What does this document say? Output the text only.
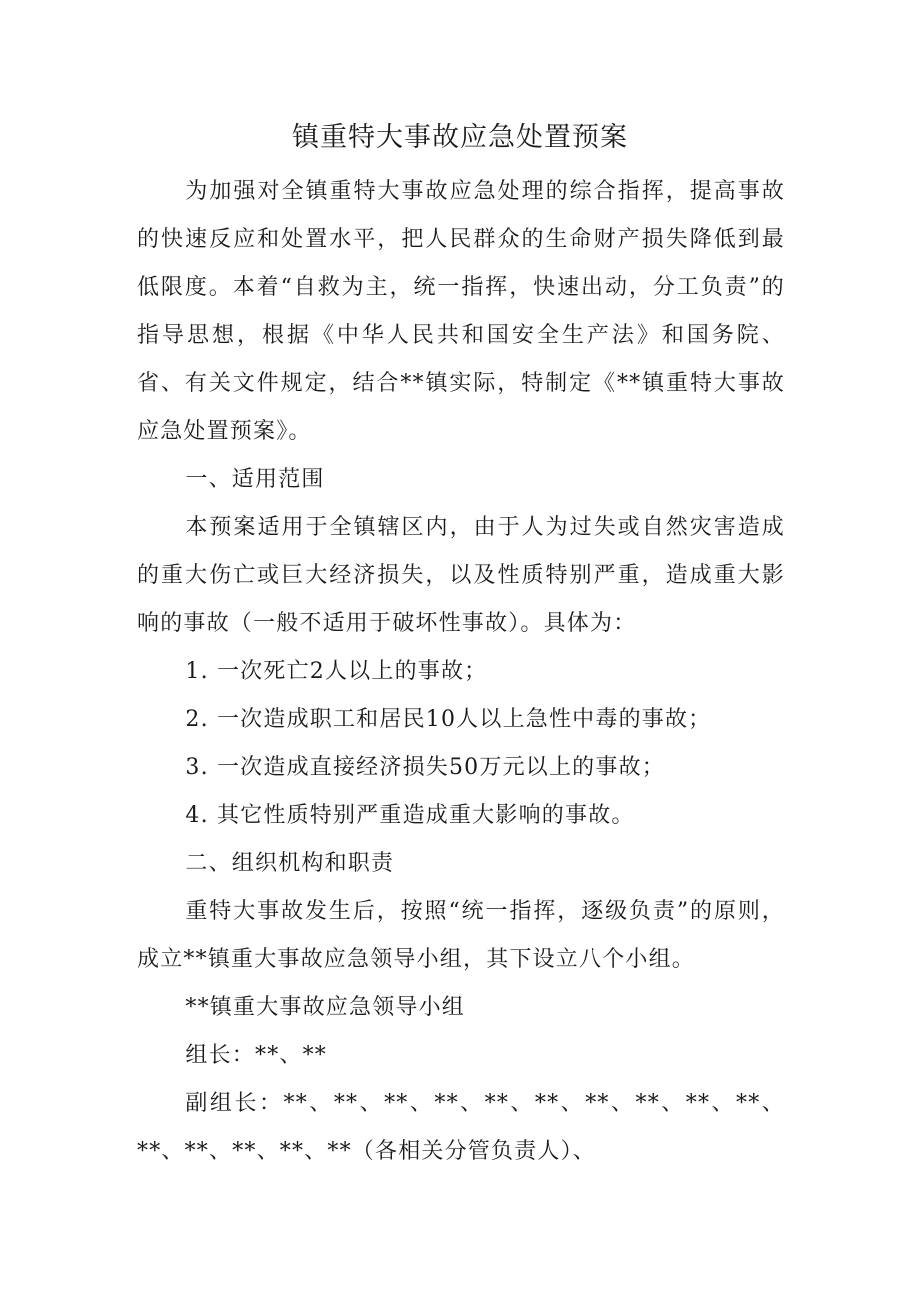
镇重特大事故应急处置预案

为加强对全镇重特大事故应急处理的综合指挥，提高事故的快速反应和处置水平，把人民群众的生命财产损失降低到最低限度。本着“自救为主，统一指挥，快速出动，分工负责”的指导思想，根据《中华人民共和国安全生产法》和国务院、省、有关文件规定，结合**镇实际，特制定《**镇重特大事故应急处置预案》。

一、适用范围

本预案适用于全镇辖区内，由于人为过失或自然灾害造成的重大伤亡或巨大经济损失，以及性质特别严重，造成重大影响的事故（一般不适用于破坏性事故）。具体为：

1. 一次死亡2人以上的事故；

2. 一次造成职工和居民10人以上急性中毒的事故；

3. 一次造成直接经济损失50万元以上的事故；

4. 其它性质特别严重造成重大影响的事故。

二、组织机构和职责

重特大事故发生后，按照“统一指挥，逐级负责”的原则，成立**镇重大事故应急领导小组，其下设立八个小组。

**镇重大事故应急领导小组

组长：**、**

副组长：**、**、**、**、**、**、**、**、**、**、**、**、**、**、**（各相关分管负责人）、
